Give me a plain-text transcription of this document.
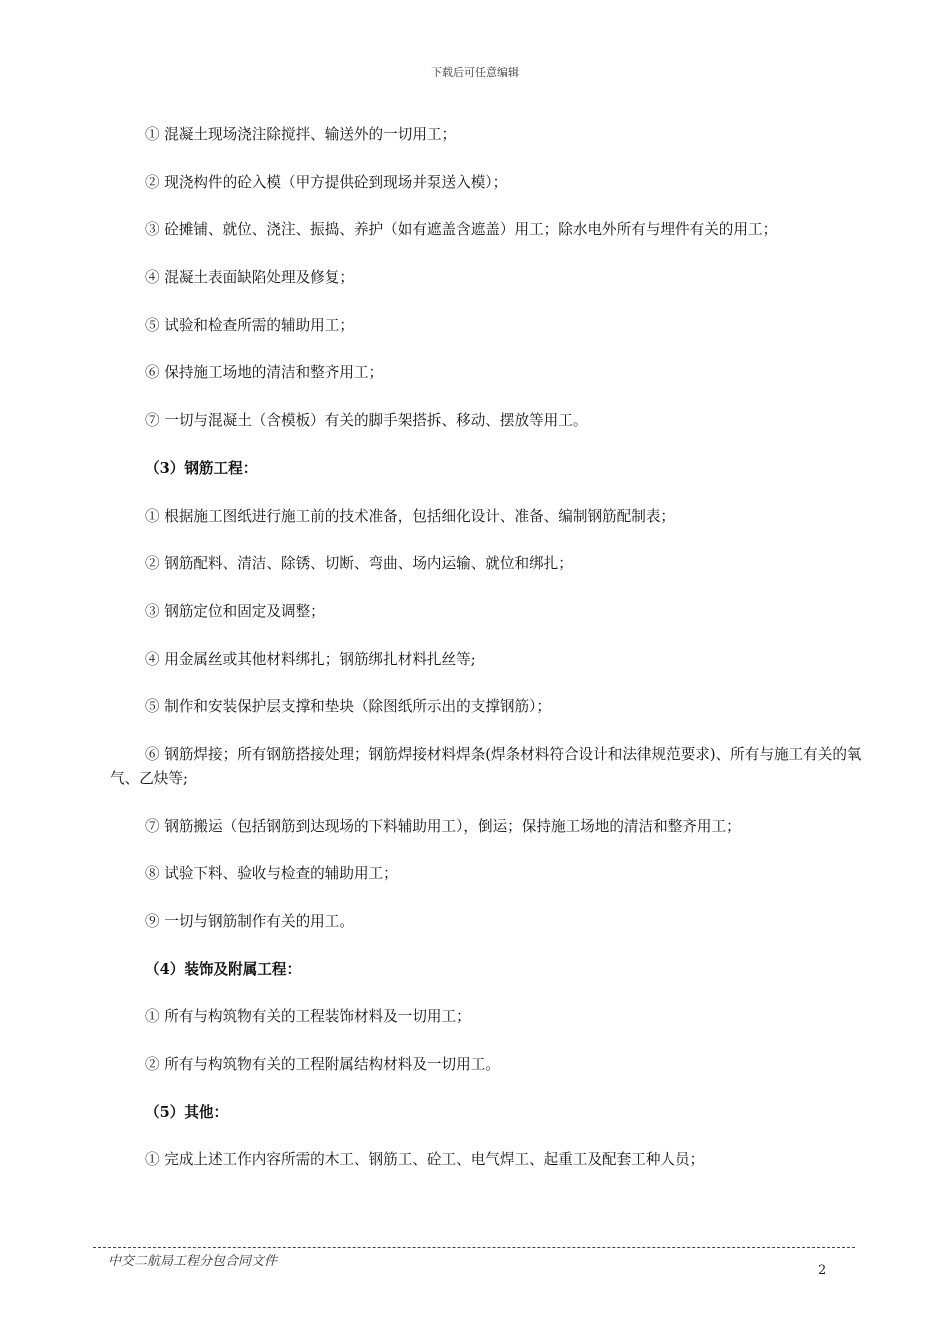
下载后可任意编辑

① 混凝土现场浇注除搅拌、输送外的一切用工；

② 现浇构件的砼入模（甲方提供砼到现场并泵送入模）；

③ 砼摊铺、就位、浇注、振捣、养护（如有遮盖含遮盖）用工；除水电外所有与埋件有关的用工；

④ 混凝土表面缺陷处理及修复；

⑤ 试验和检查所需的辅助用工；

⑥ 保持施工场地的清洁和整齐用工；

⑦ 一切与混凝土（含模板）有关的脚手架搭拆、移动、摆放等用工。

（3）钢筋工程：

① 根据施工图纸进行施工前的技术准备，包括细化设计、准备、编制钢筋配制表；

② 钢筋配料、清洁、除锈、切断、弯曲、场内运输、就位和绑扎；

③ 钢筋定位和固定及调整；

④ 用金属丝或其他材料绑扎；钢筋绑扎材料扎丝等;

⑤ 制作和安装保护层支撑和垫块（除图纸所示出的支撑钢筋）；

⑥ 钢筋焊接；所有钢筋搭接处理；钢筋焊接材料焊条(焊条材料符合设计和法律规范要求)、所有与施工有关的氧气、乙炔等;

⑦ 钢筋搬运（包括钢筋到达现场的下料辅助用工），倒运；保持施工场地的清洁和整齐用工；

⑧ 试验下料、验收与检查的辅助用工；

⑨ 一切与钢筋制作有关的用工。

（4）装饰及附属工程：

① 所有与构筑物有关的工程装饰材料及一切用工；

② 所有与构筑物有关的工程附属结构材料及一切用工。

（5）其他：

① 完成上述工作内容所需的木工、钢筋工、砼工、电气焊工、起重工及配套工种人员；

中交二航局工程分包合同文件
2
